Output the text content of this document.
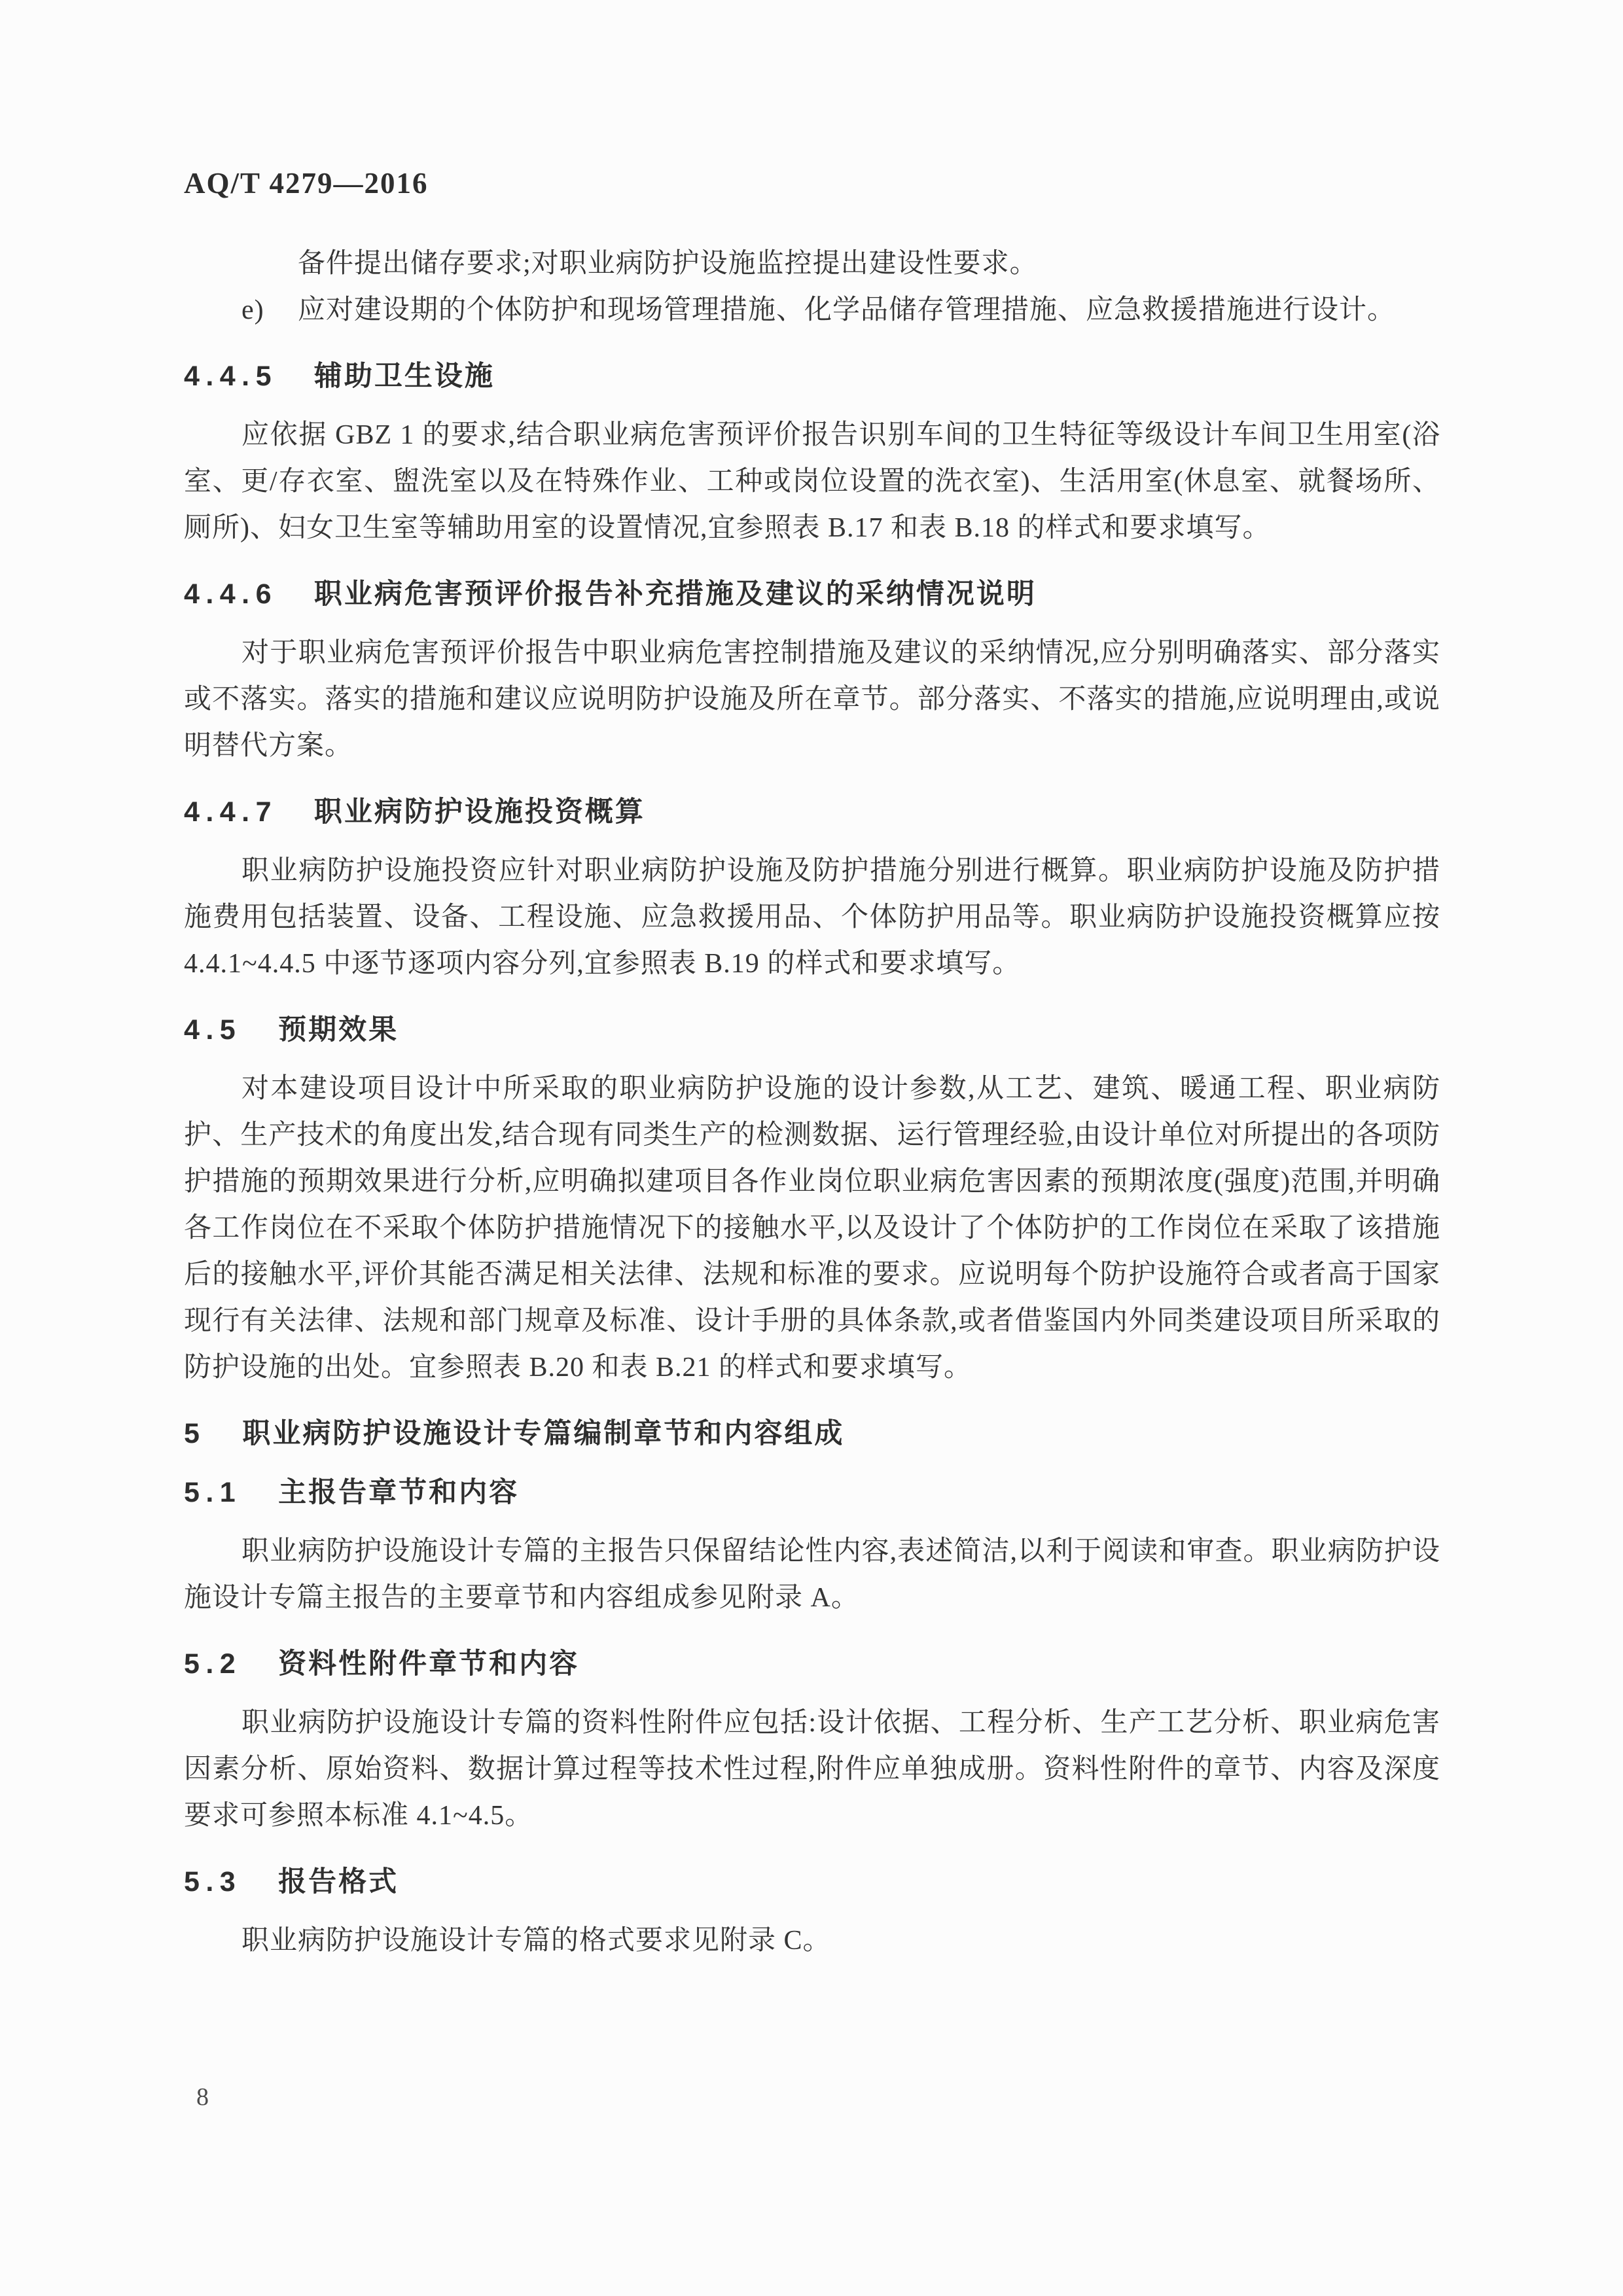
AQ/T 4279—2016
备件提出储存要求;对职业病防护设施监控提出建设性要求。
e) 应对建设期的个体防护和现场管理措施、化学品储存管理措施、应急救援措施进行设计。
4.4.5 辅助卫生设施

应依据 GBZ 1 的要求,结合职业病危害预评价报告识别车间的卫生特征等级设计车间卫生用室(浴室、更/存衣室、盥洗室以及在特殊作业、工种或岗位设置的洗衣室)、生活用室(休息室、就餐场所、厕所)、妇女卫生室等辅助用室的设置情况,宜参照表 B.17 和表 B.18 的样式和要求填写。

4.4.6 职业病危害预评价报告补充措施及建议的采纳情况说明

对于职业病危害预评价报告中职业病危害控制措施及建议的采纳情况,应分别明确落实、部分落实或不落实。落实的措施和建议应说明防护设施及所在章节。部分落实、不落实的措施,应说明理由,或说明替代方案。

4.4.7 职业病防护设施投资概算

职业病防护设施投资应针对职业病防护设施及防护措施分别进行概算。职业病防护设施及防护措施费用包括装置、设备、工程设施、应急救援用品、个体防护用品等。职业病防护设施投资概算应按 4.4.1~4.4.5 中逐节逐项内容分列,宜参照表 B.19 的样式和要求填写。

4.5 预期效果

对本建设项目设计中所采取的职业病防护设施的设计参数,从工艺、建筑、暖通工程、职业病防护、生产技术的角度出发,结合现有同类生产的检测数据、运行管理经验,由设计单位对所提出的各项防护措施的预期效果进行分析,应明确拟建项目各作业岗位职业病危害因素的预期浓度(强度)范围,并明确各工作岗位在不采取个体防护措施情况下的接触水平,以及设计了个体防护的工作岗位在采取了该措施后的接触水平,评价其能否满足相关法律、法规和标准的要求。应说明每个防护设施符合或者高于国家现行有关法律、法规和部门规章及标准、设计手册的具体条款,或者借鉴国内外同类建设项目所采取的防护设施的出处。宜参照表 B.20 和表 B.21 的样式和要求填写。

5 职业病防护设施设计专篇编制章节和内容组成
5.1 主报告章节和内容

职业病防护设施设计专篇的主报告只保留结论性内容,表述简洁,以利于阅读和审查。职业病防护设施设计专篇主报告的主要章节和内容组成参见附录 A。

5.2 资料性附件章节和内容

职业病防护设施设计专篇的资料性附件应包括:设计依据、工程分析、生产工艺分析、职业病危害因素分析、原始资料、数据计算过程等技术性过程,附件应单独成册。资料性附件的章节、内容及深度要求可参照本标准 4.1~4.5。

5.3 报告格式

职业病防护设施设计专篇的格式要求见附录 C。

8
